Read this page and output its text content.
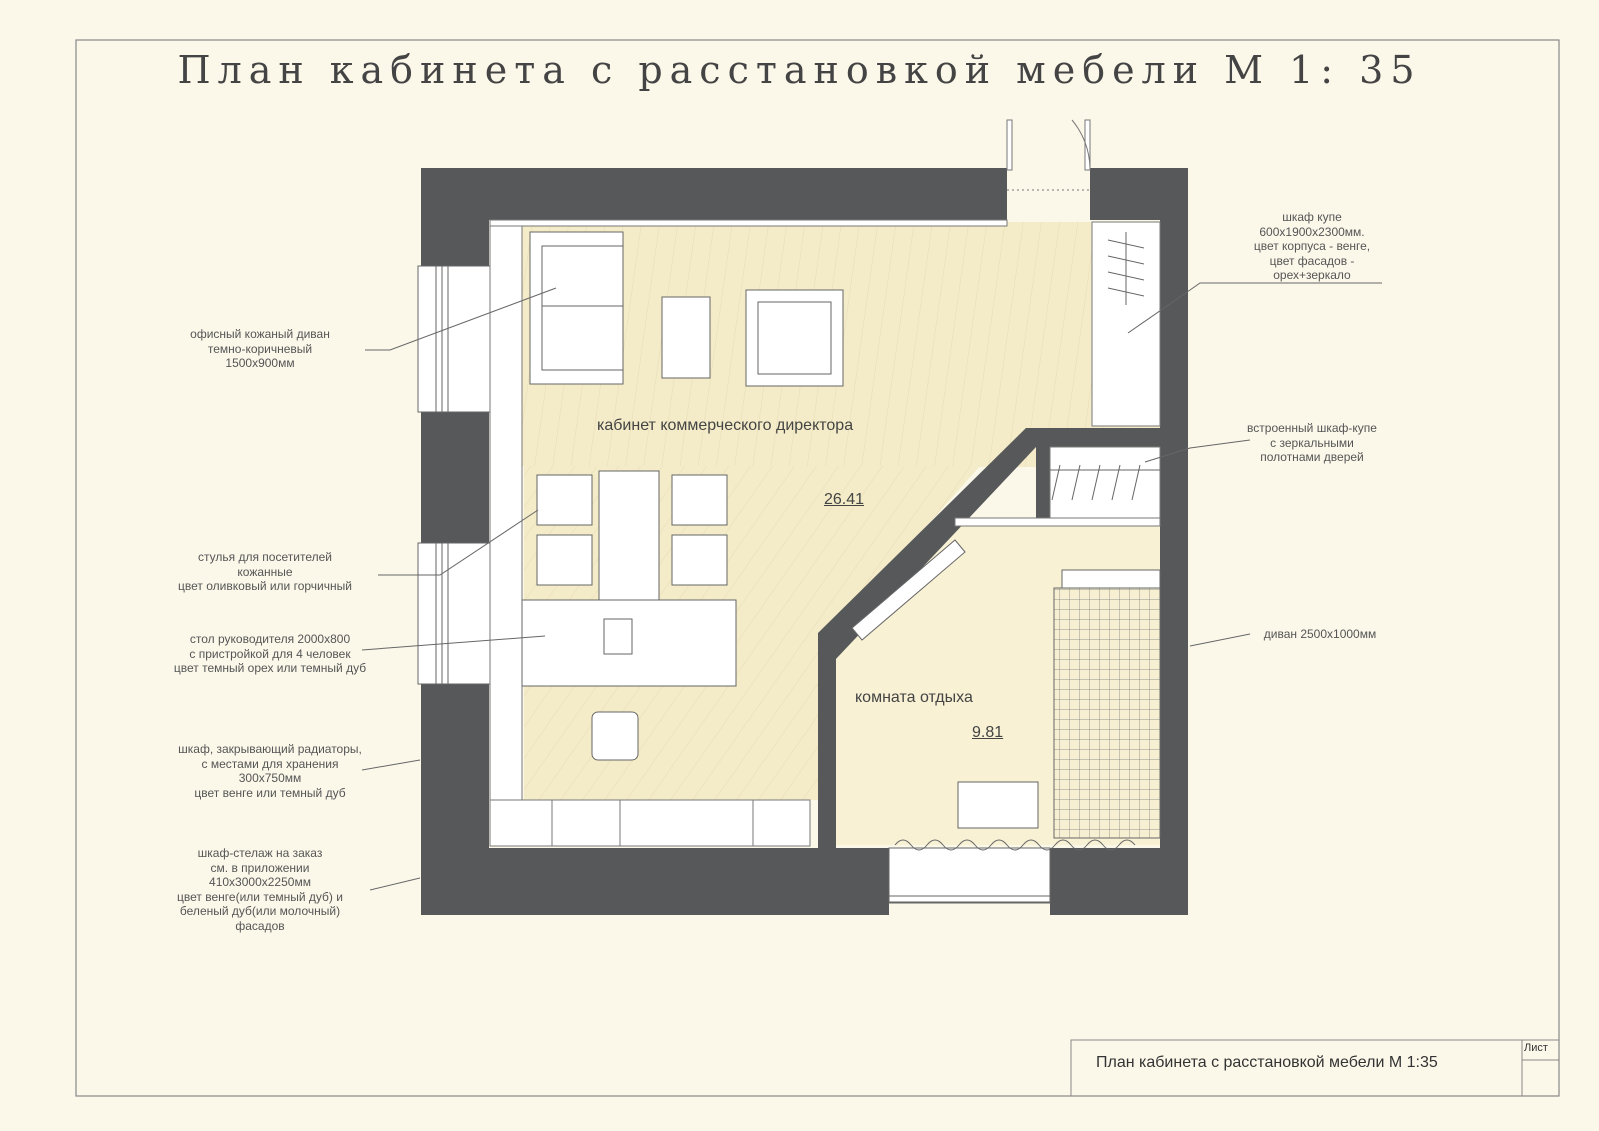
План кабинета с расстановкой мебели М 1: 35
кабинет коммерческого директора
26.41
комната отдыха
9.81
офисный кожаный диван
темно-коричневый
1500х900мм
стулья для посетителей
кожанные
цвет оливковый или горчичный
стол руководителя 2000х800
с пристройкой для 4 человек
цвет темный орех или темный дуб
шкаф, закрывающий радиаторы,
с местами для хранения
300х750мм
цвет венге или темный дуб
шкаф-стелаж на заказ
см. в приложении
410х3000х2250мм
цвет венге(или темный дуб) и
беленый дуб(или молочный)
фасадов
шкаф купе
600х1900х2300мм.
цвет корпуса - венге,
цвет фасадов -
орех+зеркало
встроенный шкаф-купе
с зеркальными
полотнами дверей
диван 2500х1000мм
План кабинета с расстановкой мебели М 1:35
Лист
